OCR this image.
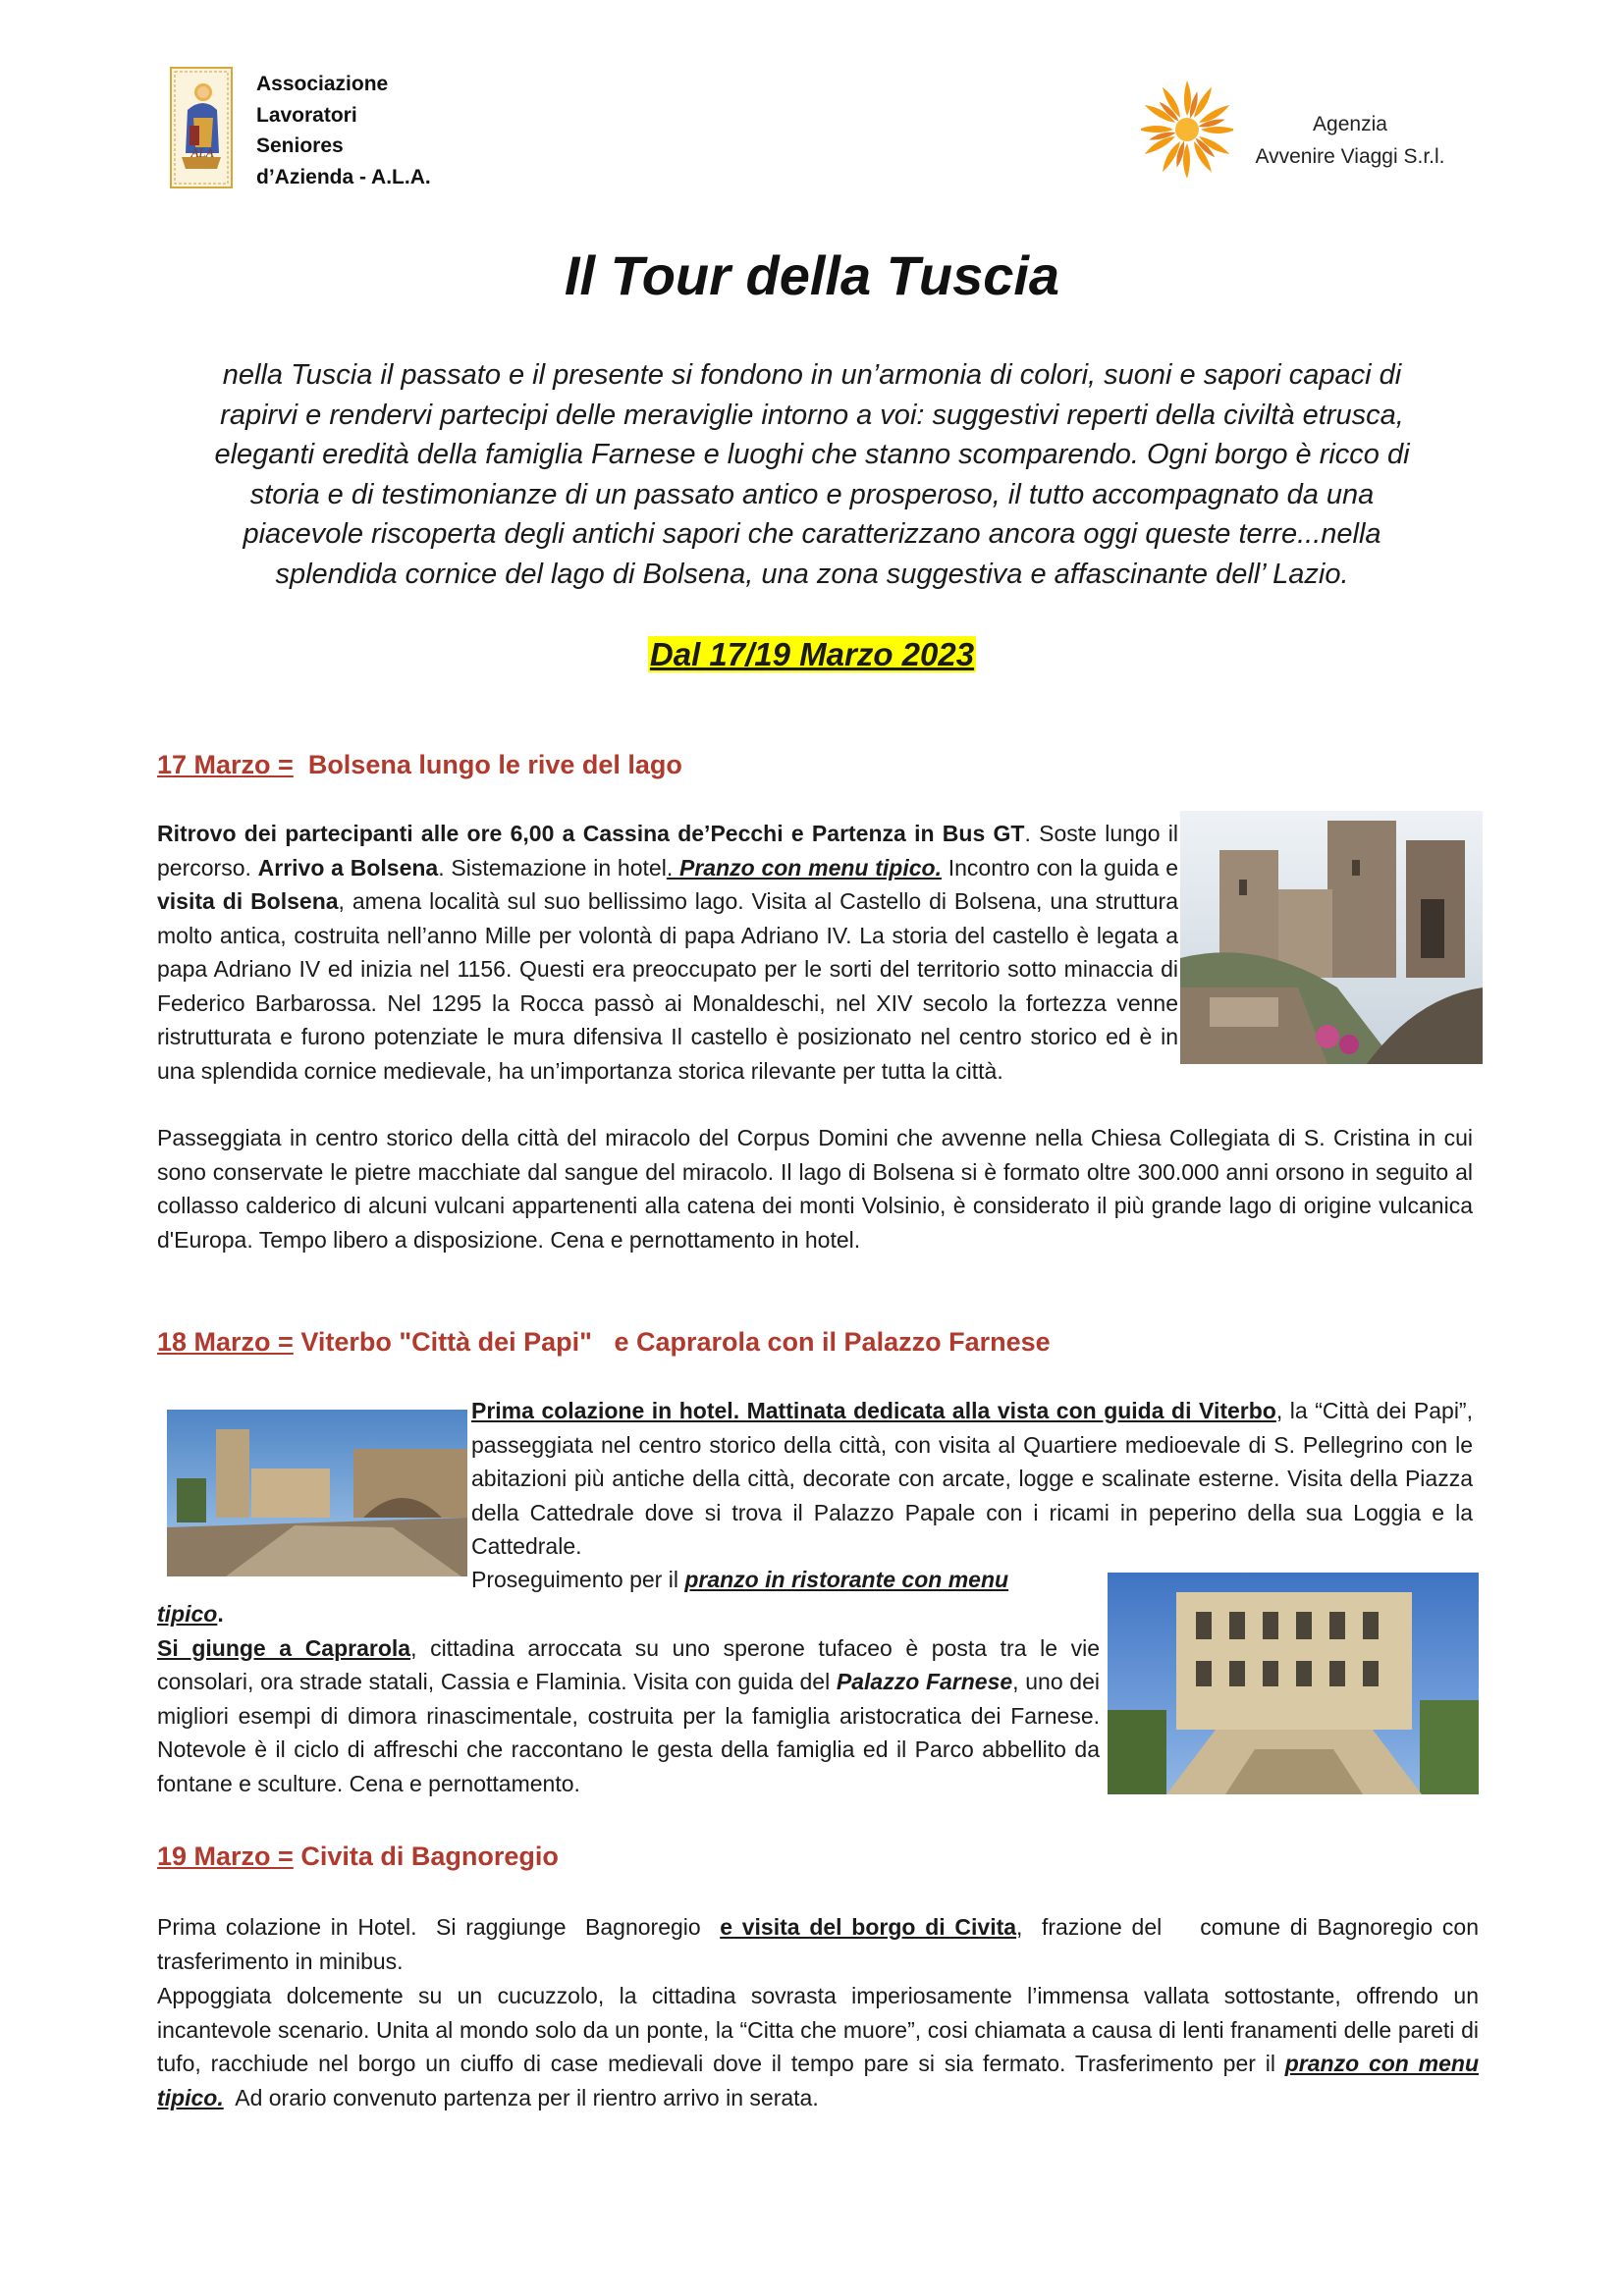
ALA
Associazione
Lavoratori
Seniores
d’Azienda - A.L.A.
Agenzia
Avvenire Viaggi S.r.l.
Il Tour della Tuscia
nella Tuscia il passato e il presente si fondono in un’armonia di colori, suoni e sapori capaci di
rapirvi e rendervi partecipi delle meraviglie intorno a voi: suggestivi reperti della civiltà etrusca,
eleganti eredità della famiglia Farnese e luoghi che stanno scomparendo. Ogni borgo è ricco di
storia e di testimonianze di un passato antico e prosperoso, il tutto accompagnato da una
piacevole riscoperta degli antichi sapori che caratterizzano ancora oggi queste terre...nella
splendida cornice del lago di Bolsena, una zona suggestiva e affascinante dell’ Lazio.
Dal 17/19 Marzo 2023
17 Marzo =  Bolsena lungo le rive del lago
Ritrovo dei partecipanti alle ore 6,00 a Cassina de’Pecchi e Partenza in Bus GT. Soste lungo il percorso. Arrivo a Bolsena. Sistemazione in hotel. Pranzo con menu tipico. Incontro con la guida e visita di Bolsena, amena località sul suo bellissimo lago. Visita al Castello di Bolsena, una struttura molto antica, costruita nell’anno Mille per volontà di papa Adriano IV. La storia del castello è legata a papa Adriano IV ed inizia nel 1156. Questi era preoccupato per le sorti del territorio sotto minaccia di Federico Barbarossa. Nel 1295 la Rocca passò ai Monaldeschi, nel XIV secolo la fortezza venne ristrutturata e furono potenziate le mura difensiva Il castello è posizionato nel centro storico ed è in una splendida cornice medievale, ha un’importanza storica rilevante per tutta la città.
Passeggiata in centro storico della città del miracolo del Corpus Domini che avvenne nella Chiesa Collegiata di S. Cristina in cui sono conservate le pietre macchiate dal sangue del miracolo. Il lago di Bolsena si è formato oltre 300.000 anni orsono in seguito al collasso calderico di alcuni vulcani appartenenti alla catena dei monti Volsinio, è considerato il più grande lago di origine vulcanica d'Europa. Tempo libero a disposizione. Cena e pernottamento in hotel.
18 Marzo = Viterbo "Città dei Papi"   e Caprarola con il Palazzo Farnese
Prima colazione in hotel. Mattinata dedicata alla vista con guida di Viterbo, la “Città dei Papi”, passeggiata nel centro storico della città, con visita al Quartiere medioevale di S. Pellegrino con le abitazioni più antiche della città, decorate con arcate, logge e scalinate esterne. Visita della Piazza della Cattedrale dove si trova il Palazzo Papale con i ricami in peperino della sua Loggia e la Cattedrale.
Proseguimento per il pranzo in ristorante con menu
tipico.
Si giunge a Caprarola, cittadina arroccata su uno sperone tufaceo è posta tra le vie consolari, ora strade statali, Cassia e Flaminia. Visita con guida del Palazzo Farnese, uno dei migliori esempi di dimora rinascimentale, costruita per la famiglia aristocratica dei Farnese. Notevole è il ciclo di affreschi che raccontano le gesta della famiglia ed il Parco abbellito da fontane e sculture. Cena e pernottamento.
19 Marzo = Civita di Bagnoregio
Prima colazione in Hotel.  Si raggiunge  Bagnoregio  e visita del borgo di Civita,  frazione del    comune di Bagnoregio con trasferimento in minibus.
Appoggiata dolcemente su un cucuzzolo, la cittadina sovrasta imperiosamente l’immensa vallata sottostante, offrendo un incantevole scenario. Unita al mondo solo da un ponte, la “Citta che muore”, cosi chiamata a causa di lenti franamenti delle pareti di tufo, racchiude nel borgo un ciuffo di case medievali dove il tempo pare si sia fermato. Trasferimento per il pranzo con menu tipico.  Ad orario convenuto partenza per il rientro arrivo in serata.
